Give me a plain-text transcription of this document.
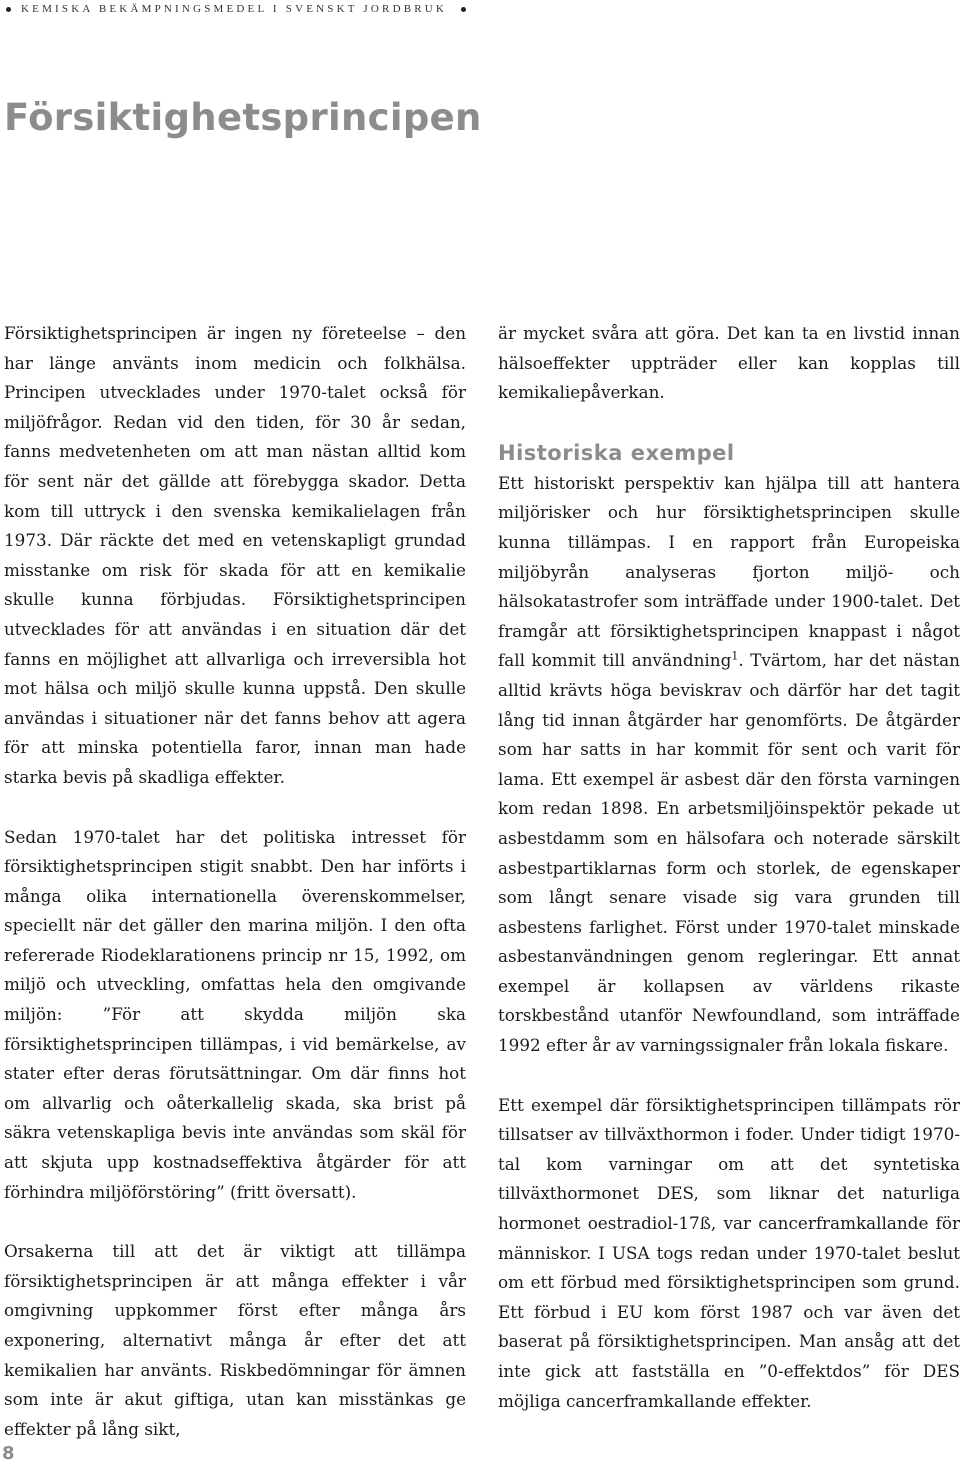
KEMISKA BEKÄMPNINGSMEDEL I SVENSKT JORDBRUK
Försiktighetsprincipen

Försiktighetsprincipen är ingen ny företeelse – den har länge använts inom medicin och folkhälsa. Principen utvecklades under 1970-talet också för miljöfrågor. Redan vid den tiden, för 30 år sedan, fanns medvetenheten om att man nästan alltid kom för sent när det gällde att förebygga skador. Detta kom till uttryck i den svenska kemikalielagen från 1973. Där räckte det med en vetenskapligt grundad misstanke om risk för skada för att en kemikalie skulle kunna förbjudas. Försiktighetsprincipen utvecklades för att användas i en situation där det fanns en möjlighet att allvarliga och irreversibla hot mot hälsa och miljö skulle kunna uppstå. Den skulle användas i situationer när det fanns behov att agera för att minska potentiella faror, innan man hade starka bevis på skadliga effekter.

Sedan 1970-talet har det politiska intresset för försiktighetsprincipen stigit snabbt. Den har införts i många olika internationella överenskommelser, speciellt när det gäller den marina miljön. I den ofta refererade Riodeklarationens princip nr 15, 1992, om miljö och utveckling, omfattas hela den omgivande miljön: ”För att skydda miljön ska försiktighetsprincipen tillämpas, i vid bemärkelse, av stater efter deras förutsättningar. Om där finns hot om allvarlig och oåterkallelig skada, ska brist på säkra vetenskapliga bevis inte användas som skäl för att skjuta upp kostnadseffektiva åtgärder för att förhindra miljöförstöring” (fritt översatt).

Orsakerna till att det är viktigt att tillämpa försiktighetsprincipen är att många effekter i vår omgivning uppkommer först efter många års exponering, alternativt många år efter det att kemikalien har använts. Riskbedömningar för ämnen som inte är akut giftiga, utan kan misstänkas ge effekter på lång sikt,

är mycket svåra att göra. Det kan ta en livstid innan hälsoeffekter uppträder eller kan kopplas till kemikaliepåverkan.

Historiska exempel

Ett historiskt perspektiv kan hjälpa till att hantera miljörisker och hur försiktighetsprincipen skulle kunna tillämpas. I en rapport från Europeiska miljöbyrån analyseras fjorton miljö- och hälsokatastrofer som inträffade under 1900-talet. Det framgår att försiktighetsprincipen knappast i något fall kommit till användning$^1$. Tvärtom, har det nästan alltid krävts höga beviskrav och därför har det tagit lång tid innan åtgärder har genomförts. De åtgärder som har satts in har kommit för sent och varit för lama. Ett exempel är asbest där den första varningen kom redan 1898. En arbetsmiljöinspektör pekade ut asbestdamm som en hälsofara och noterade särskilt asbestpartiklarnas form och storlek, de egenskaper som långt senare visade sig vara grunden till asbestens farlighet. Först under 1970-talet minskade asbestanvändningen genom regleringar. Ett annat exempel är kollapsen av världens rikaste torskbestånd utanför Newfoundland, som inträffade 1992 efter år av varningssignaler från lokala fiskare.

Ett exempel där försiktighetsprincipen tillämpats rör tillsatser av tillväxthormon i foder. Under tidigt 1970-tal kom varningar om att det syntetiska tillväxthormonet DES, som liknar det naturliga hormonet oestradiol-17ß, var cancerframkallande för människor. I USA togs redan under 1970-talet beslut om ett förbud med försiktighetsprincipen som grund. Ett förbud i EU kom först 1987 och var även det baserat på försiktighetsprincipen. Man ansåg att det inte gick att fastställa en ”0-effektdos” för DES möjliga cancerframkallande effekter.

8
